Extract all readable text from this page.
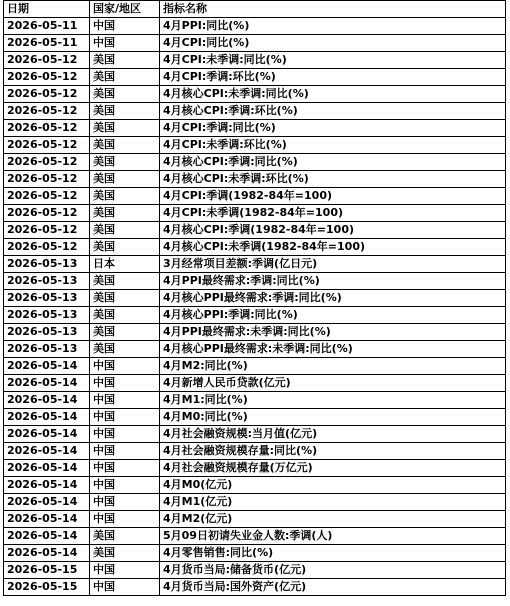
日期	国家/地区	指标名称
2026-05-11	中国	4月PPI:同比(%)
2026-05-11	中国	4月CPI:同比(%)
2026-05-12	美国	4月CPI:未季调:同比(%)
2026-05-12	美国	4月CPI:季调:环比(%)
2026-05-12	美国	4月核心CPI:未季调:同比(%)
2026-05-12	美国	4月核心CPI:季调:环比(%)
2026-05-12	美国	4月CPI:季调:同比(%)
2026-05-12	美国	4月CPI:未季调:环比(%)
2026-05-12	美国	4月核心CPI:季调:同比(%)
2026-05-12	美国	4月核心CPI:未季调:环比(%)
2026-05-12	美国	4月CPI:季调(1982-84年=100)
2026-05-12	美国	4月CPI:未季调(1982-84年=100)
2026-05-12	美国	4月核心CPI:季调(1982-84年=100)
2026-05-12	美国	4月核心CPI:未季调(1982-84年=100)
2026-05-13	日本	3月经常项目差额:季调(亿日元)
2026-05-13	美国	4月PPI最终需求:季调:同比(%)
2026-05-13	美国	4月核心PPI最终需求:季调:同比(%)
2026-05-13	美国	4月核心PPI:季调:同比(%)
2026-05-13	美国	4月PPI最终需求:未季调:同比(%)
2026-05-13	美国	4月核心PPI最终需求:未季调:同比(%)
2026-05-14	中国	4月M2:同比(%)
2026-05-14	中国	4月新增人民币贷款(亿元)
2026-05-14	中国	4月M1:同比(%)
2026-05-14	中国	4月M0:同比(%)
2026-05-14	中国	4月社会融资规模:当月值(亿元)
2026-05-14	中国	4月社会融资规模存量:同比(%)
2026-05-14	中国	4月社会融资规模存量(万亿元)
2026-05-14	中国	4月M0(亿元)
2026-05-14	中国	4月M1(亿元)
2026-05-14	中国	4月M2(亿元)
2026-05-14	美国	5月09日初请失业金人数:季调(人)
2026-05-14	美国	4月零售销售:同比(%)
2026-05-15	中国	4月货币当局:储备货币(亿元)
2026-05-15	中国	4月货币当局:国外资产(亿元)
